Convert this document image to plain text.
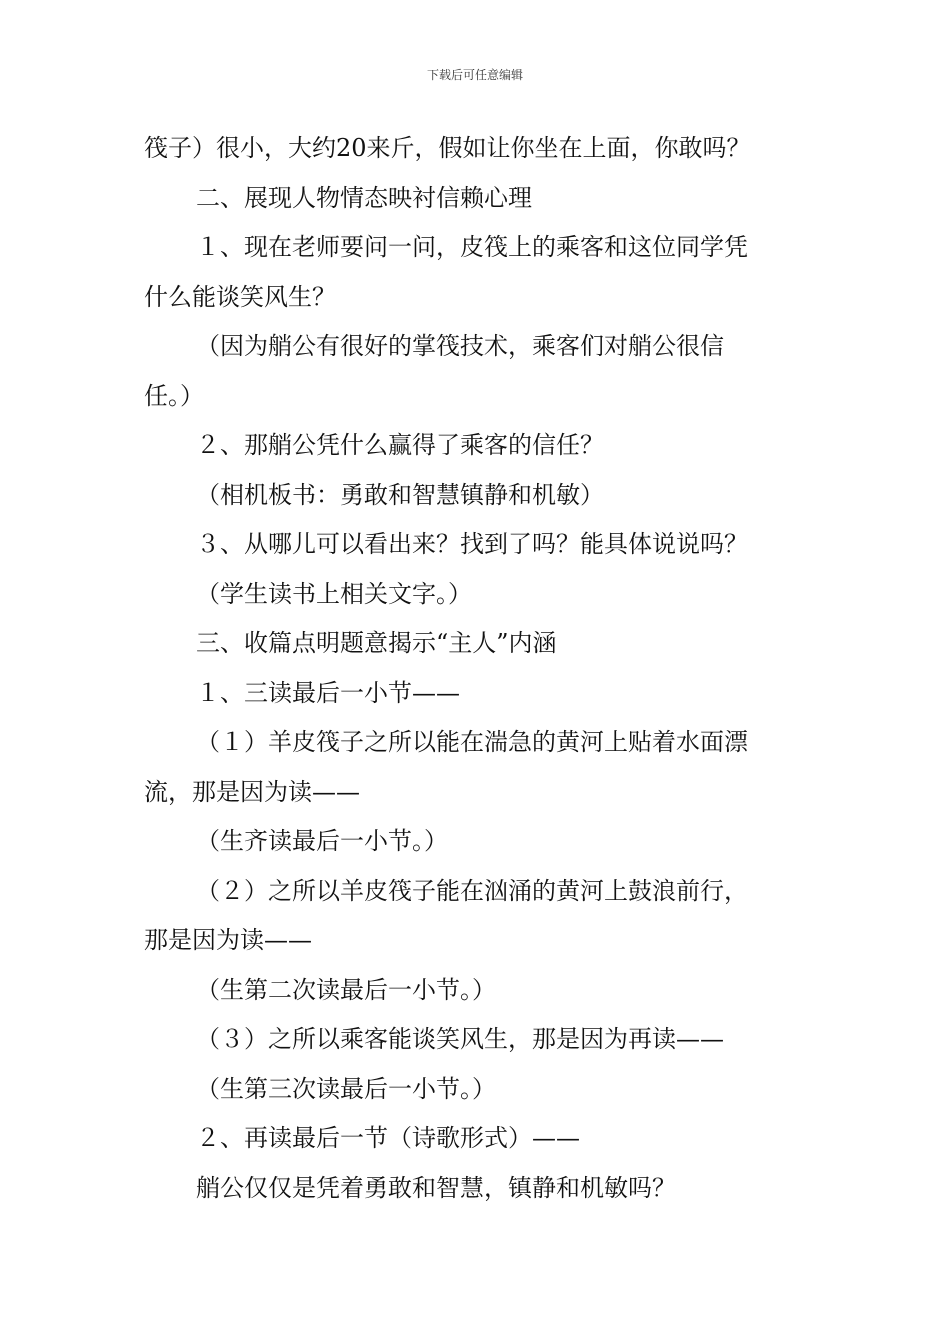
下载后可任意编辑
筏子）很小，大约20来斤，假如让你坐在上面，你敢吗？
二、展现人物情态映衬信赖心理
１、现在老师要问一问，皮筏上的乘客和这位同学凭
什么能谈笑风生？
（因为艄公有很好的掌筏技术，乘客们对艄公很信
任。）
２、那艄公凭什么赢得了乘客的信任？
（相机板书：勇敢和智慧镇静和机敏）
３、从哪儿可以看出来？找到了吗？能具体说说吗？
（学生读书上相关文字。）
三、收篇点明题意揭示“主人”内涵
１、三读最后一小节——
（１）羊皮筏子之所以能在湍急的黄河上贴着水面漂
流，那是因为读——
（生齐读最后一小节。）
（２）之所以羊皮筏子能在汹涌的黄河上鼓浪前行，
那是因为读——
（生第二次读最后一小节。）
（３）之所以乘客能谈笑风生，那是因为再读——
（生第三次读最后一小节。）
２、再读最后一节（诗歌形式）——
艄公仅仅是凭着勇敢和智慧，镇静和机敏吗？
